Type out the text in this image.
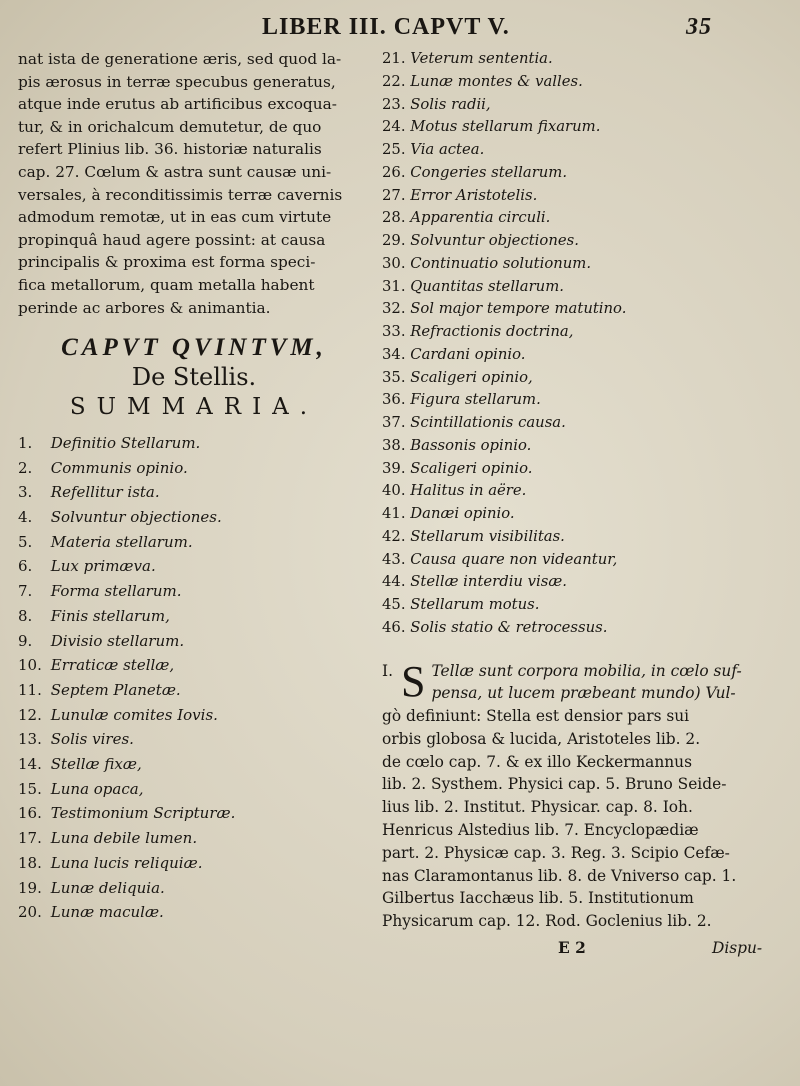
LIBER III. CAPVT V.	35
nat ista de generatione æris, sed quod la-
pis ærosus in terræ specubus generatus,
atque inde erutus ab artificibus excoqua-
tur, & in orichalcum demutetur, de quo
refert Plinius lib. 36. historiæ naturalis
cap. 27. Cœlum & astra sunt causæ uni-
versales, à reconditissimis terræ cavernis
admodum remotæ, ut in eas cum virtute
propinquâ haud agere possint: at causa
principalis & proxima est forma speci-
fica metallorum, quam metalla habent
perinde ac arbores & animantia.
CAPVT QVINTVM,
De Stellis.
SUMMARIA.
1. Definitio Stellarum.
2. Communis opinio.
3. Refellitur ista.
4. Solvuntur objectiones.
5. Materia stellarum.
6. Lux primæva.
7. Forma stellarum.
8. Finis stellarum,
9. Divisio stellarum.
10. Erraticæ stellæ,
11. Septem Planetæ.
12. Lunulæ comites Iovis.
13. Solis vires.
14. Stellæ fixæ,
15. Luna opaca,
16. Testimonium Scripturæ.
17. Luna debile lumen.
18. Luna lucis reliquiæ.
19. Lunæ deliquia.
20. Lunæ maculæ.
21. Veterum sententia.
22. Lunæ montes & valles.
23. Solis radii,
24. Motus stellarum fixarum.
25. Via actea.
26. Congeries stellarum.
27. Error Aristotelis.
28. Apparentia circuli.
29. Solvuntur objectiones.
30. Continuatio solutionum.
31. Quantitas stellarum.
32. Sol major tempore matutino.
33. Refractionis doctrina,
34. Cardani opinio.
35. Scaligeri opinio,
36. Figura stellarum.
37. Scintillationis causa.
38. Bassonis opinio.
39. Scaligeri opinio.
40. Halitus in aëre.
41. Danæi opinio.
42. Stellarum visibilitas.
43. Causa quare non videantur,
44. Stellæ interdiu visæ.
45. Stellarum motus.
46. Solis statio & retrocessus.
I. S Tellæ sunt corpora mobilia, in cœlo suf-
pensa, ut lucem præbeant mundo) Vul-
gò definiunt: Stella est densior pars sui
orbis globosa & lucida, Aristoteles lib. 2.
de cœlo cap. 7. & ex illo Keckermannus
lib. 2. Systhem. Physici cap. 5. Bruno Seide-
lius lib. 2. Institut. Physicar. cap. 8. Ioh.
Henricus Alstedius lib. 7. Encyclopædiæ
part. 2. Physicæ cap. 3. Reg. 3. Scipio Cefæ-
nas Claramontanus lib. 8. de Vniverso cap. 1.
Gilbertus Iacchæus lib. 5. Institutionum
Physicarum cap. 12. Rod. Goclenius lib. 2.
E 2	Dispu-
